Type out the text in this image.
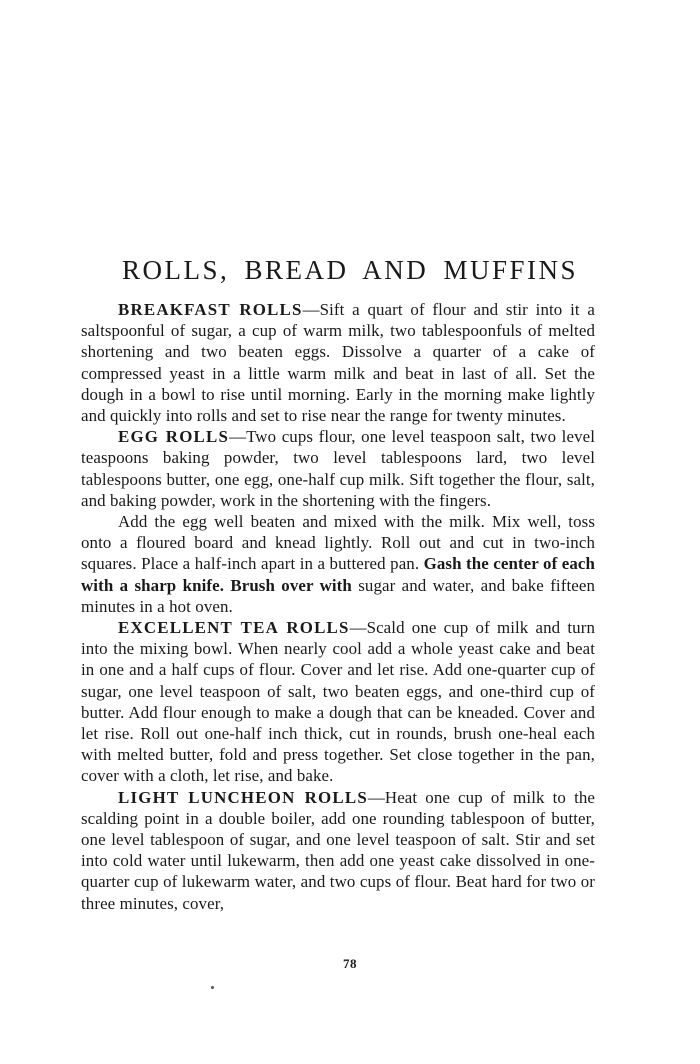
ROLLS, BREAD AND MUFFINS

BREAKFAST ROLLS—Sift a quart of flour and stir into it a saltspoonful of sugar, a cup of warm milk, two tablespoonfuls of melted shortening and two beaten eggs. Dissolve a quarter of a cake of compressed yeast in a little warm milk and beat in last of all. Set the dough in a bowl to rise until morning. Early in the morning make lightly and quickly into rolls and set to rise near the range for twenty minutes.

EGG ROLLS—Two cups flour, one level teaspoon salt, two level teaspoons baking powder, two level tablespoons lard, two level tablespoons butter, one egg, one-half cup milk. Sift together the flour, salt, and baking powder, work in the shortening with the fingers.

Add the egg well beaten and mixed with the milk. Mix well, toss onto a floured board and knead lightly. Roll out and cut in two-inch squares. Place a half-inch apart in a buttered pan. Gash the center of each with a sharp knife. Brush over with sugar and water, and bake fifteen minutes in a hot oven.

EXCELLENT TEA ROLLS—Scald one cup of milk and turn into the mixing bowl. When nearly cool add a whole yeast cake and beat in one and a half cups of flour. Cover and let rise. Add one-quarter cup of sugar, one level teaspoon of salt, two beaten eggs, and one-third cup of butter. Add flour enough to make a dough that can be kneaded. Cover and let rise. Roll out one-half inch thick, cut in rounds, brush one-heal each with melted butter, fold and press together. Set close together in the pan, cover with a cloth, let rise, and bake.

LIGHT LUNCHEON ROLLS—Heat one cup of milk to the scalding point in a double boiler, add one rounding tablespoon of butter, one level tablespoon of sugar, and one level teaspoon of salt. Stir and set into cold water until lukewarm, then add one yeast cake dissolved in one-quarter cup of lukewarm water, and two cups of flour. Beat hard for two or three minutes, cover,

78
